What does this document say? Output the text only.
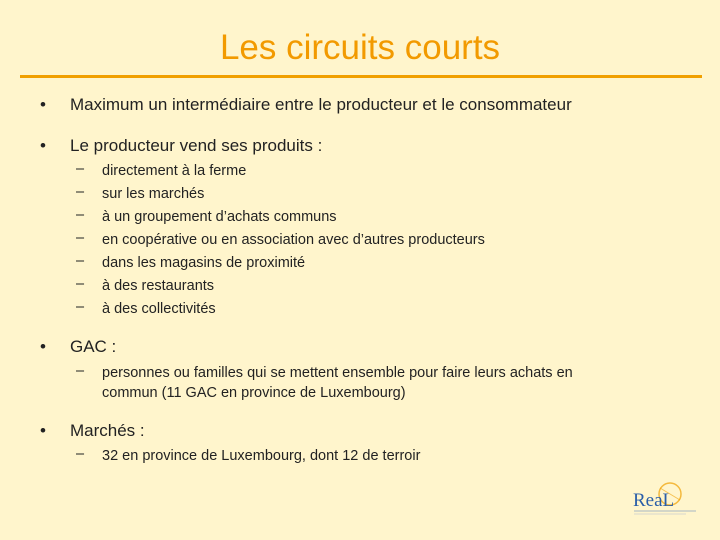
Les circuits courts
• Maximum un intermédiaire entre le producteur et le consommateur
• Le producteur vend ses produits :
– directement à la ferme
– sur les marchés
– à un groupement d’achats communs
– en coopérative ou en association avec d’autres producteurs
– dans les magasins de proximité
– à des restaurants
– à des collectivités
• GAC :
– personnes ou familles qui se mettent ensemble pour faire leurs achats en
commun (11 GAC en province de Luxembourg)
• Marchés :
– 32 en province de Luxembourg, dont 12 de terroir
ReaL
